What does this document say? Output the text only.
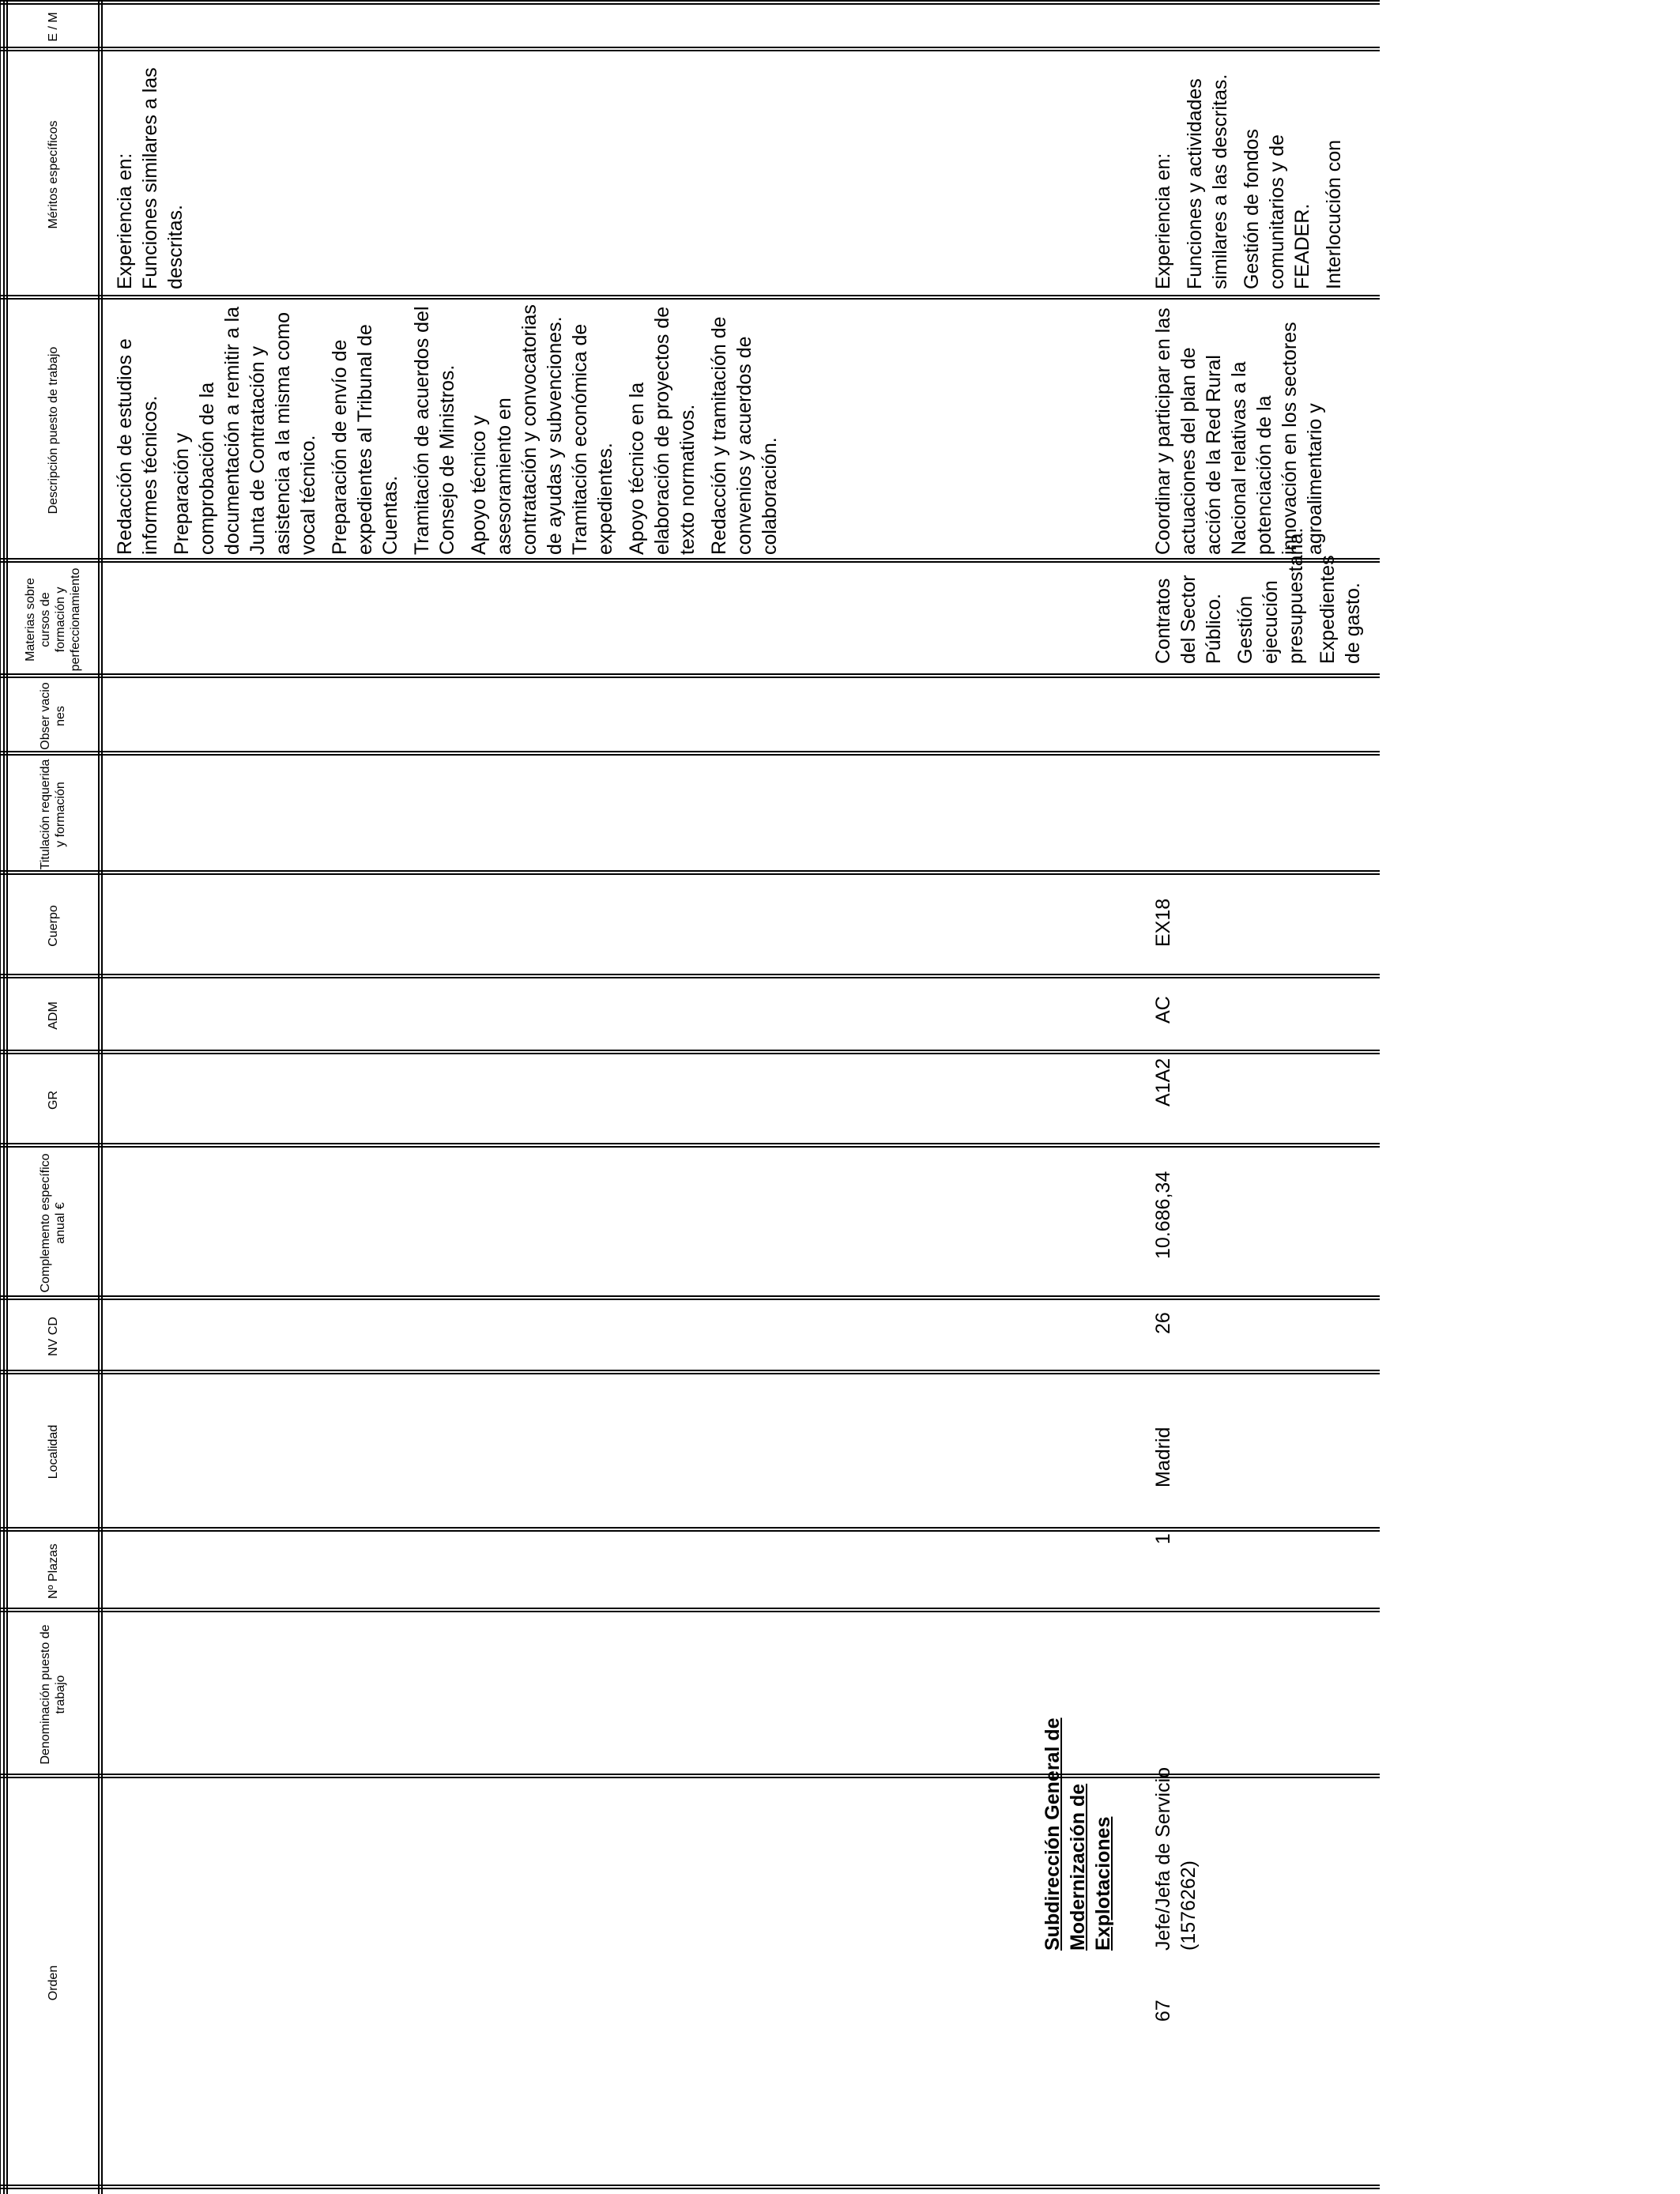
Orden
Denominación puesto de trabajo
Nº Plazas
Localidad
NV CD
Complemento específico anual €
GR
ADM
Cuerpo
Titulación requerida y formación
Obser vacio nes
Materias sobre cursos de formación y perfeccionamiento
Descripción puesto de trabajo
Méritos específicos
E / M
Redacción de estudios e informes técnicos. Preparación y comprobación de la documentación a remitir a la Junta de Contratación y asistencia a la misma como vocal técnico. Preparación de envío de expedientes al Tribunal de Cuentas. Tramitación de acuerdos del Consejo de Ministros. Apoyo técnico y asesoramiento en contratación y convocatorias de ayudas y subvenciones. Tramitación económica de expedientes. Apoyo técnico en la elaboración de proyectos de texto normativos. Redacción y tramitación de convenios y acuerdos de colaboración.
Experiencia en: Funciones similares a las descritas.
Subdirección General de Modernización de Explotaciones
67
Jefe/Jefa de Servicio (1576262)
1
Madrid
26
10.686,34
A1A2
AC
EX18
Contratos del Sector Público. Gestión ejecución presupuestaria. Expedientes de gasto.
Coordinar y participar en las actuaciones del plan de acción de la Red Rural Nacional relativas a la potenciación de la innovación en los sectores agroalimentario y
Experiencia en: Funciones y actividades similares a las descritas. Gestión de fondos comunitarios y de FEADER. Interlocución con
